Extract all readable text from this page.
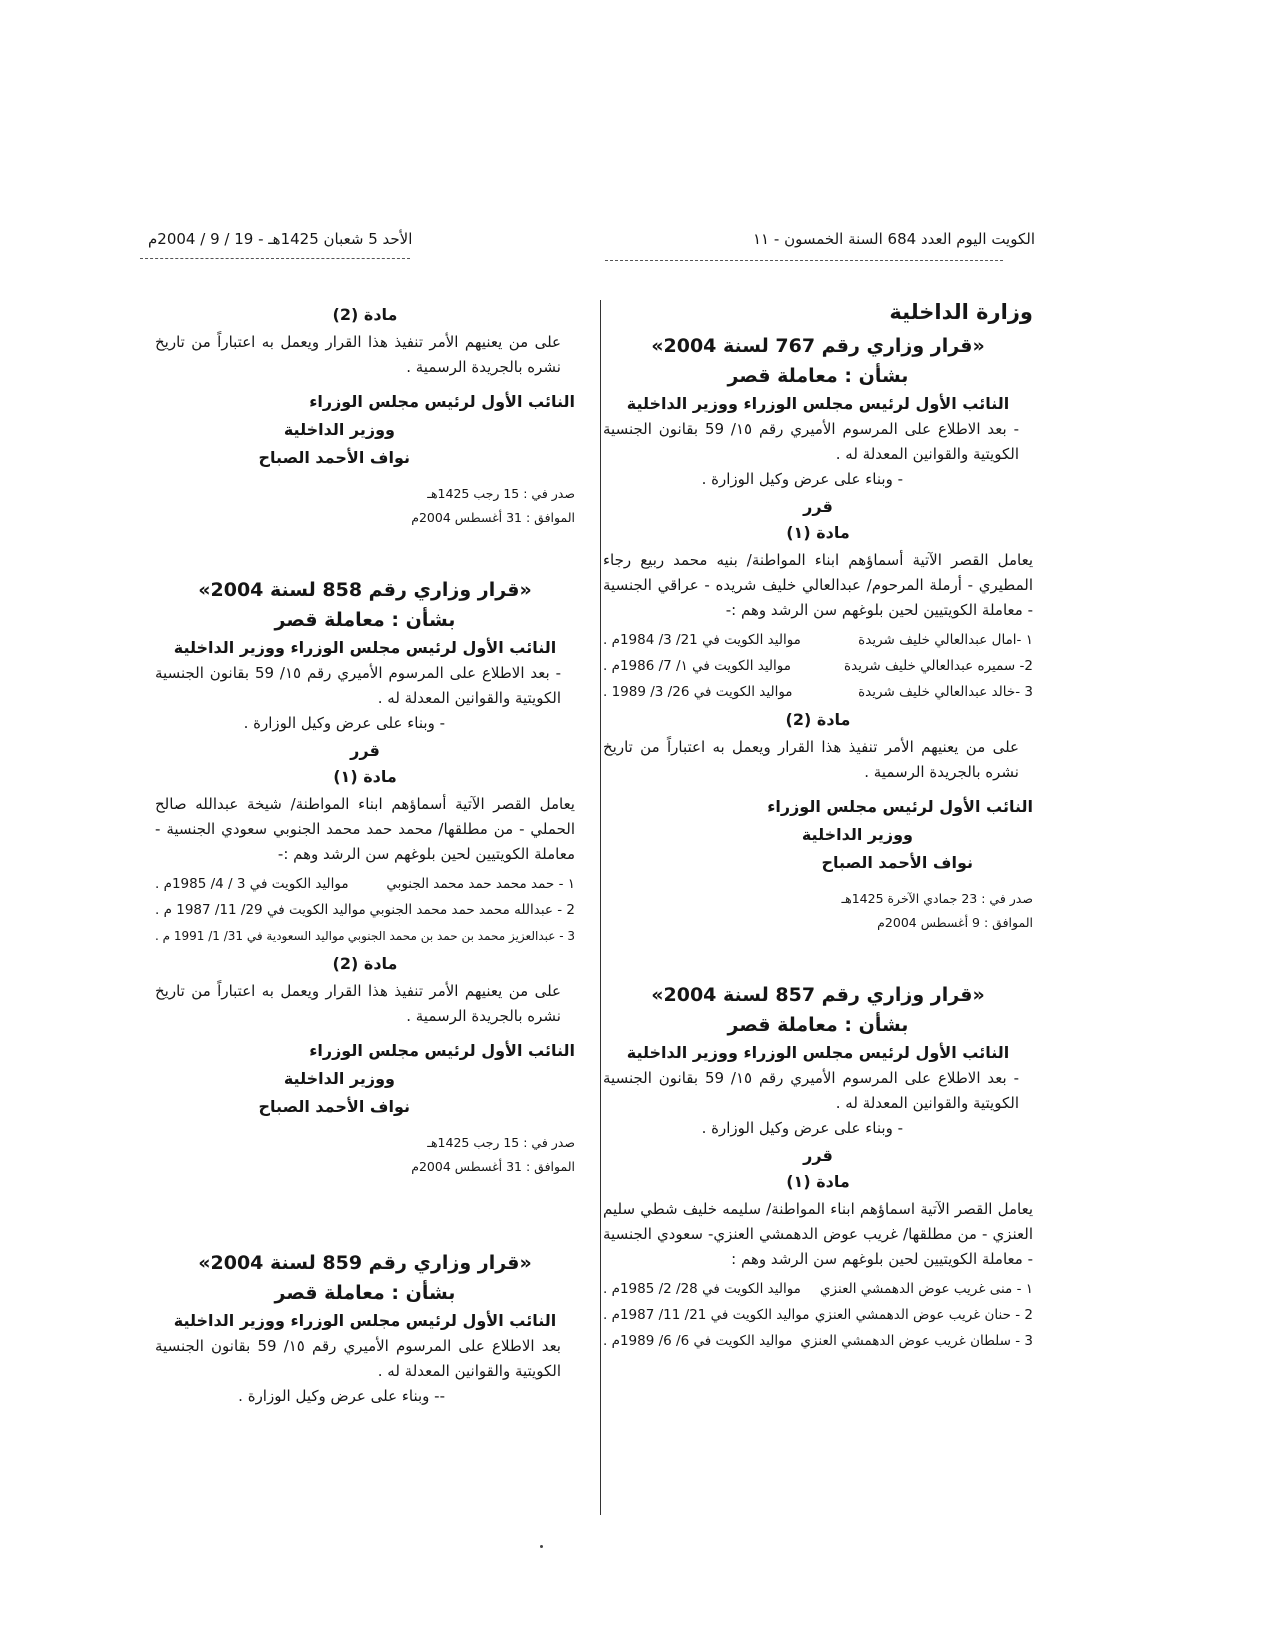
الكويت اليوم العدد 684 السنة الخمسون - ١١
الأحد 5 شعبان 1425هـ - 19 / 9 / 2004م
وزارة الداخلية
«قرار وزاري رقم 767 لسنة 2004»
بشأن : معاملة قصر
النائب الأول لرئيس مجلس الوزراء ووزير الداخلية

- بعد الاطلاع على المرسوم الأميري رقم ١٥/ 59 بقانون الجنسية الكويتية والقوانين المعدلة له .

- وبناء على عرض وكيل الوزارة .

قرر
مادة (١)

يعامل القصر الآتية أسماؤهم ابناء المواطنة/ بنيه محمد ربيع رجاء المطيري - أرملة المرحوم/ عبدالعالي خليف شريده - عراقي الجنسية - معاملة الكويتيين لحين بلوغهم سن الرشد وهم :-

١ -امال عبدالعالي خليف شريدة
مواليد الكويت في 21/ 3/ 1984م .
2- سميره عبدالعالي خليف شريدة
مواليد الكويت في ١/ 7/ 1986م .
3 -خالد عبدالعالي خليف شريدة
مواليد الكويت في 26/ 3/ 1989 .
مادة (2)

على من يعنيهم الأمر تنفيذ هذا القرار ويعمل به اعتباراً من تاريخ نشره بالجريدة الرسمية .

النائب الأول لرئيس مجلس الوزراء
ووزير الداخلية
نواف الأحمد الصباح
صدر في : 23 جمادي الآخرة 1425هـ
الموافق : 9 أغسطس 2004م
«قرار وزاري رقم 857 لسنة 2004»
بشأن : معاملة قصر
النائب الأول لرئيس مجلس الوزراء ووزير الداخلية

- بعد الاطلاع على المرسوم الأميري رقم ١٥/ 59 بقانون الجنسية الكويتية والقوانين المعدلة له .

- وبناء على عرض وكيل الوزارة .

قرر
مادة (١)

يعامل القصر الآتية اسماؤهم ابناء المواطنة/ سليمه خليف شطي سليم العنزي - من مطلقها/ غريب عوض الدهمشي العنزي- سعودي الجنسية - معاملة الكويتيين لحين بلوغهم سن الرشد وهم :

١ - منى غريب عوض الدهمشي العنزي
مواليد الكويت في 28/ 2/ 1985م .
2 - حنان غريب عوض الدهمشي العنزي
مواليد الكويت في 21/ 11/ 1987م .
3 - سلطان غريب عوض الدهمشي العنزي
مواليد الكويت في 6/ 6/ 1989م .
مادة (2)

على من يعنيهم الأمر تنفيذ هذا القرار ويعمل به اعتباراً من تاريخ نشره بالجريدة الرسمية .

النائب الأول لرئيس مجلس الوزراء
ووزير الداخلية
نواف الأحمد الصباح
صدر في : 15 رجب 1425هـ
الموافق : 31 أغسطس 2004م
«قرار وزاري رقم 858 لسنة 2004»
بشأن : معاملة قصر
النائب الأول لرئيس مجلس الوزراء ووزير الداخلية

- بعد الاطلاع على المرسوم الأميري رقم ١٥/ 59 بقانون الجنسية الكويتية والقوانين المعدلة له .

- وبناء على عرض وكيل الوزارة .

قرر
مادة (١)

يعامل القصر الآتية أسماؤهم ابناء المواطنة/ شيخة عبدالله صالح الحملي - من مطلقها/ محمد حمد محمد الجنوبي سعودي الجنسية - معاملة الكويتيين لحين بلوغهم سن الرشد وهم :-

١ - حمد محمد حمد محمد الجنوبي
مواليد الكويت في 3 / 4/ 1985م .
2 - عبدالله محمد حمد محمد الجنوبي
مواليد الكويت في 29/ 11/ 1987 م .
3 - عبدالعزيز محمد بن حمد بن محمد الجنوبي
مواليد السعودية في 31/ 1/ 1991 م .
مادة (2)

على من يعنيهم الأمر تنفيذ هذا القرار ويعمل به اعتباراً من تاريخ نشره بالجريدة الرسمية .

النائب الأول لرئيس مجلس الوزراء
ووزير الداخلية
نواف الأحمد الصباح
صدر في : 15 رجب 1425هـ
الموافق : 31 أغسطس 2004م
«قرار وزاري رقم 859 لسنة 2004»
بشأن : معاملة قصر
النائب الأول لرئيس مجلس الوزراء ووزير الداخلية

بعد الاطلاع على المرسوم الأميري رقم ١٥/ 59 بقانون الجنسية الكويتية والقوانين المعدلة له .

-- وبناء على عرض وكيل الوزارة .
